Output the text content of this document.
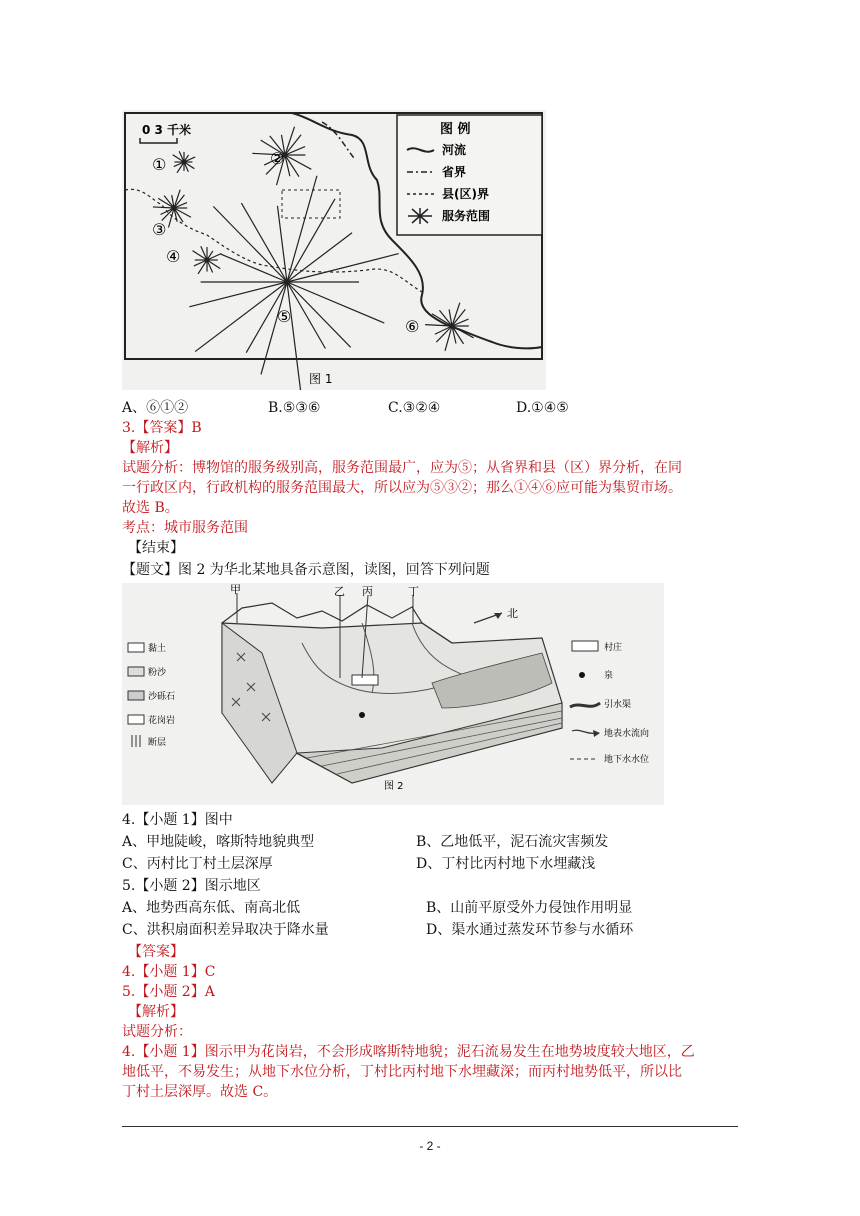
①	②
③
④
⑤
⑥
0 3 千米	图 例
河流
省界
县(区)界
服务范围
图 1
A、⑥①②	B.⑤③⑥	C.③②④	D.①④⑤
3.【答案】B
【解析】
试题分析：博物馆的服务级别高，服务范围最广，应为⑤；从省界和县（区）界分析，在同
一行政区内，行政机构的服务范围最大，所以应为⑤③②；那么①④⑥应可能为集贸市场。
故选 B。
考点：城市服务范围
【结束】
【题文】图 2 为华北某地具备示意图，读图，回答下列问题
甲	乙 丙	丁
北
黏土
粉沙
沙砾石
花岗岩
断层
村庄
泉
引水渠
地表水流向
地下水水位
图 2
4.【小题 1】图中
A、甲地陡峻，喀斯特地貌典型	B、乙地低平，泥石流灾害频发
C、丙村比丁村土层深厚	D、丁村比丙村地下水埋藏浅
5.【小题 2】图示地区
A、地势西高东低、南高北低	B、山前平原受外力侵蚀作用明显
C、洪积扇面积差异取决于降水量	D、渠水通过蒸发环节参与水循环
【答案】
4.【小题 1】C
5.【小题 2】A
【解析】
试题分析：
4.【小题 1】图示甲为花岗岩，不会形成喀斯特地貌；泥石流易发生在地势坡度较大地区，乙
地低平，不易发生；从地下水位分析，丁村比丙村地下水埋藏深；而丙村地势低平，所以比
丁村土层深厚。故选 C。
- 2 -
